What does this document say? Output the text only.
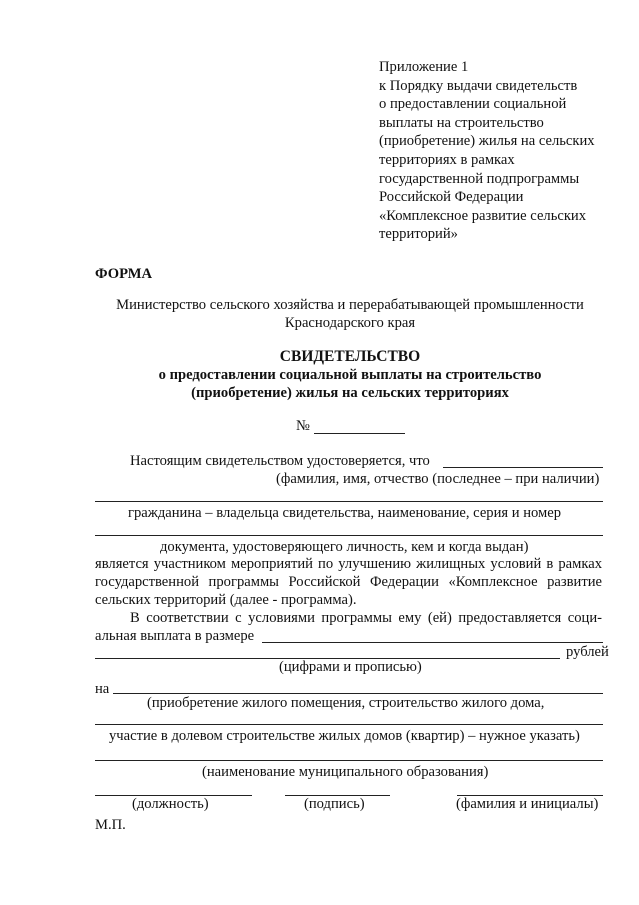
Приложение 1
к Порядку выдачи свидетельств
о предоставлении социальной
выплаты на строительство
(приобретение) жилья на сельских
территориях в рамках
государственной подпрограммы
Российской Федерации
«Комплексное развитие сельских
территорий»
ФОРМА
Министерство сельского хозяйства и перерабатывающей промышленности
Краснодарского края
СВИДЕТЕЛЬСТВО
о предоставлении социальной выплаты на строительство
(приобретение) жилья на сельских территориях
№
Настоящим свидетельством удостоверяется, что
(фамилия, имя, отчество (последнее – при наличии)
гражданина – владельца свидетельства, наименование, серия и номер
документа, удостоверяющего личность, кем и когда выдан)
является участником мероприятий по улучшению жилищных условий в рамках
государственной программы Российской Федерации «Комплексное развитие
сельских территорий (далее - программа).
В соответствии с условиями программы ему (ей) предоставляется соци-
альная выплата в размере
рублей
(цифрами и прописью)
на
(приобретение жилого помещения, строительство жилого дома,
участие в долевом строительстве жилых домов (квартир) – нужное указать)
(наименование муниципального образования)
(должность)	(подпись)	(фамилия и инициалы)
М.П.
